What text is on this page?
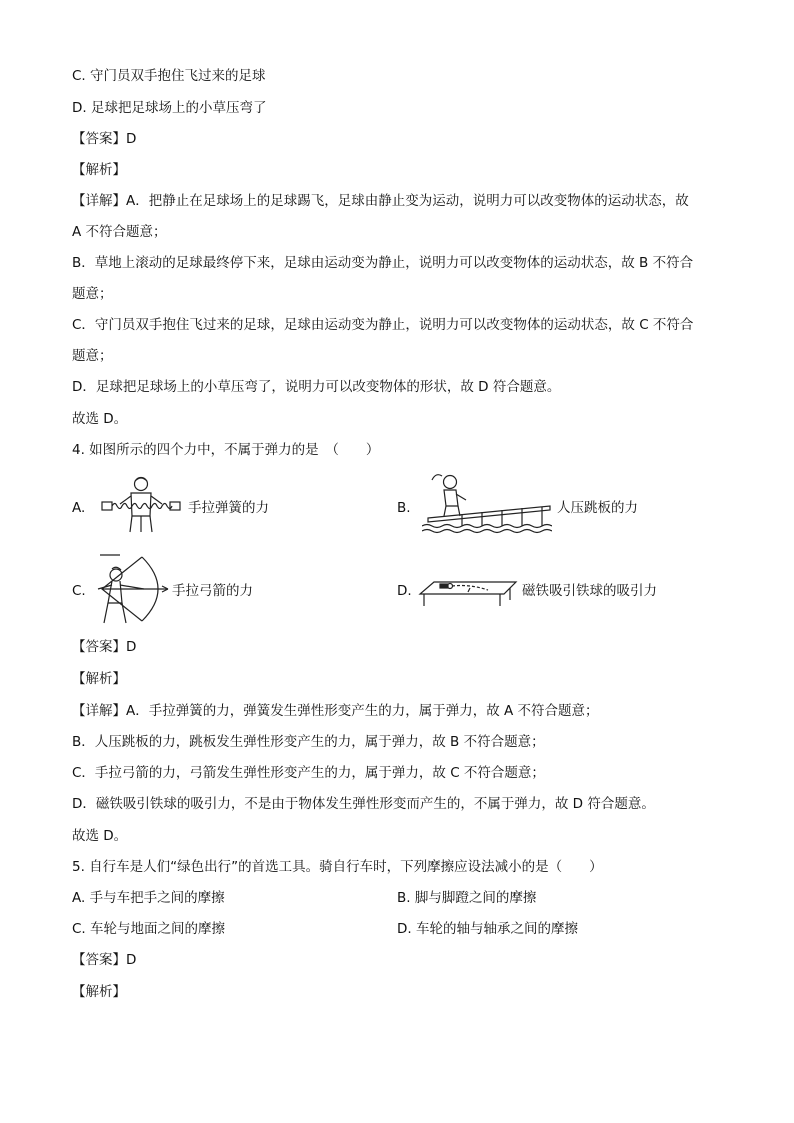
C. 守门员双手抱住飞过来的足球
D. 足球把足球场上的小草压弯了
【答案】D
【解析】
【详解】A．把静止在足球场上的足球踢飞，足球由静止变为运动，说明力可以改变物体的运动状态，故
A 不符合题意；
B．草地上滚动的足球最终停下来，足球由运动变为静止，说明力可以改变物体的运动状态，故 B 不符合
题意；
C．守门员双手抱住飞过来的足球，足球由运动变为静止，说明力可以改变物体的运动状态，故 C 不符合
题意；
D．足球把足球场上的小草压弯了，说明力可以改变物体的形状，故 D 符合题意。
故选 D。
4. 如图所示的四个力中，不属于弹力的是　（　　）
A.	手拉弹簧的力	B.	人压跳板的力
C.	手拉弓箭的力	D.	磁铁吸引铁球的吸引力
【答案】D
【解析】
【详解】A．手拉弹簧的力，弹簧发生弹性形变产生的力，属于弹力，故 A 不符合题意；
B．人压跳板的力，跳板发生弹性形变产生的力，属于弹力，故 B 不符合题意；
C．手拉弓箭的力，弓箭发生弹性形变产生的力，属于弹力，故 C 不符合题意；
D．磁铁吸引铁球的吸引力，不是由于物体发生弹性形变而产生的，不属于弹力，故 D 符合题意。
故选 D。
5. 自行车是人们“绿色出行”的首选工具。骑自行车时，下列摩擦应设法减小的是（　　）
A. 手与车把手之间的摩擦	B. 脚与脚蹬之间的摩擦
C. 车轮与地面之间的摩擦	D. 车轮的轴与轴承之间的摩擦
【答案】D
【解析】
